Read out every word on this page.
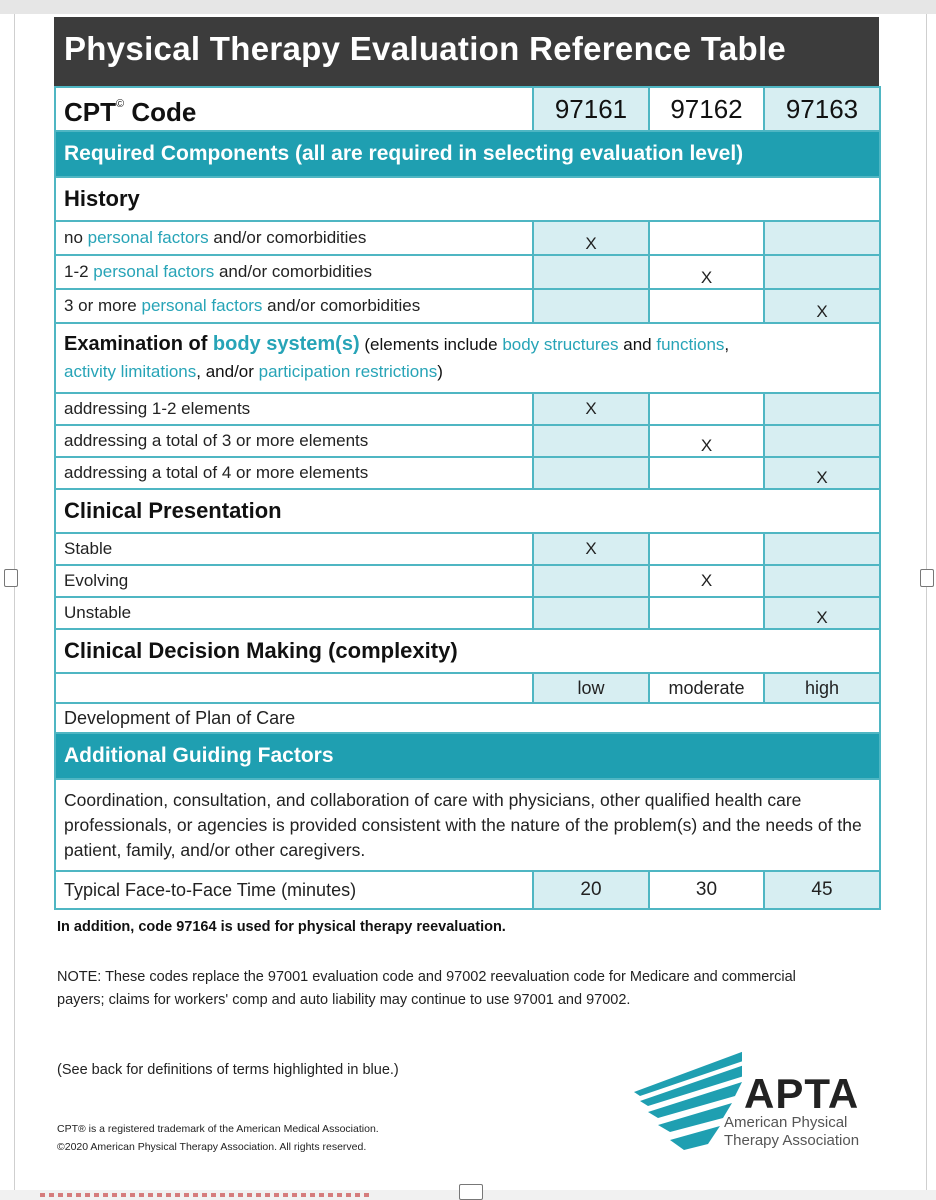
Physical Therapy Evaluation Reference Table
CPT© Code	97161	97162	97163
Required Components (all are required in selecting evaluation level)			
History			
no personal factors and/or comorbidities	X		
1-2 personal factors and/or comorbidities		X	
3 or more personal factors and/or comorbidities			X
Examination of body system(s) (elements include body structures and functions,
activity limitations, and/or participation restrictions)			
addressing 1-2 elements	X		
addressing a total of 3 or more elements		X	
addressing a total of 4 or more elements			X
Clinical Presentation			
Stable	X		
Evolving		X	
Unstable			X
Clinical Decision Making (complexity)			
	low	moderate	high
Development of Plan of Care			
Additional Guiding Factors			
Coordination, consultation, and collaboration of care with physicians, other qualified health care professionals, or agencies is provided consistent with the nature of the problem(s) and the needs of the patient, family, and/or other caregivers.			
Typical Face-to-Face Time (minutes)	20	30	45
In addition, code 97164 is used for physical therapy reevaluation.
NOTE: These codes replace the 97001 evaluation code and 97002 reevaluation code for Medicare and commercial payers; claims for workers' comp and auto liability may continue to use 97001 and 97002.
(See back for definitions of terms highlighted in blue.)
CPT® is a registered trademark of the American Medical Association.
©2020 American Physical Therapy Association. All rights reserved.
APTA
American Physical Therapy Association
